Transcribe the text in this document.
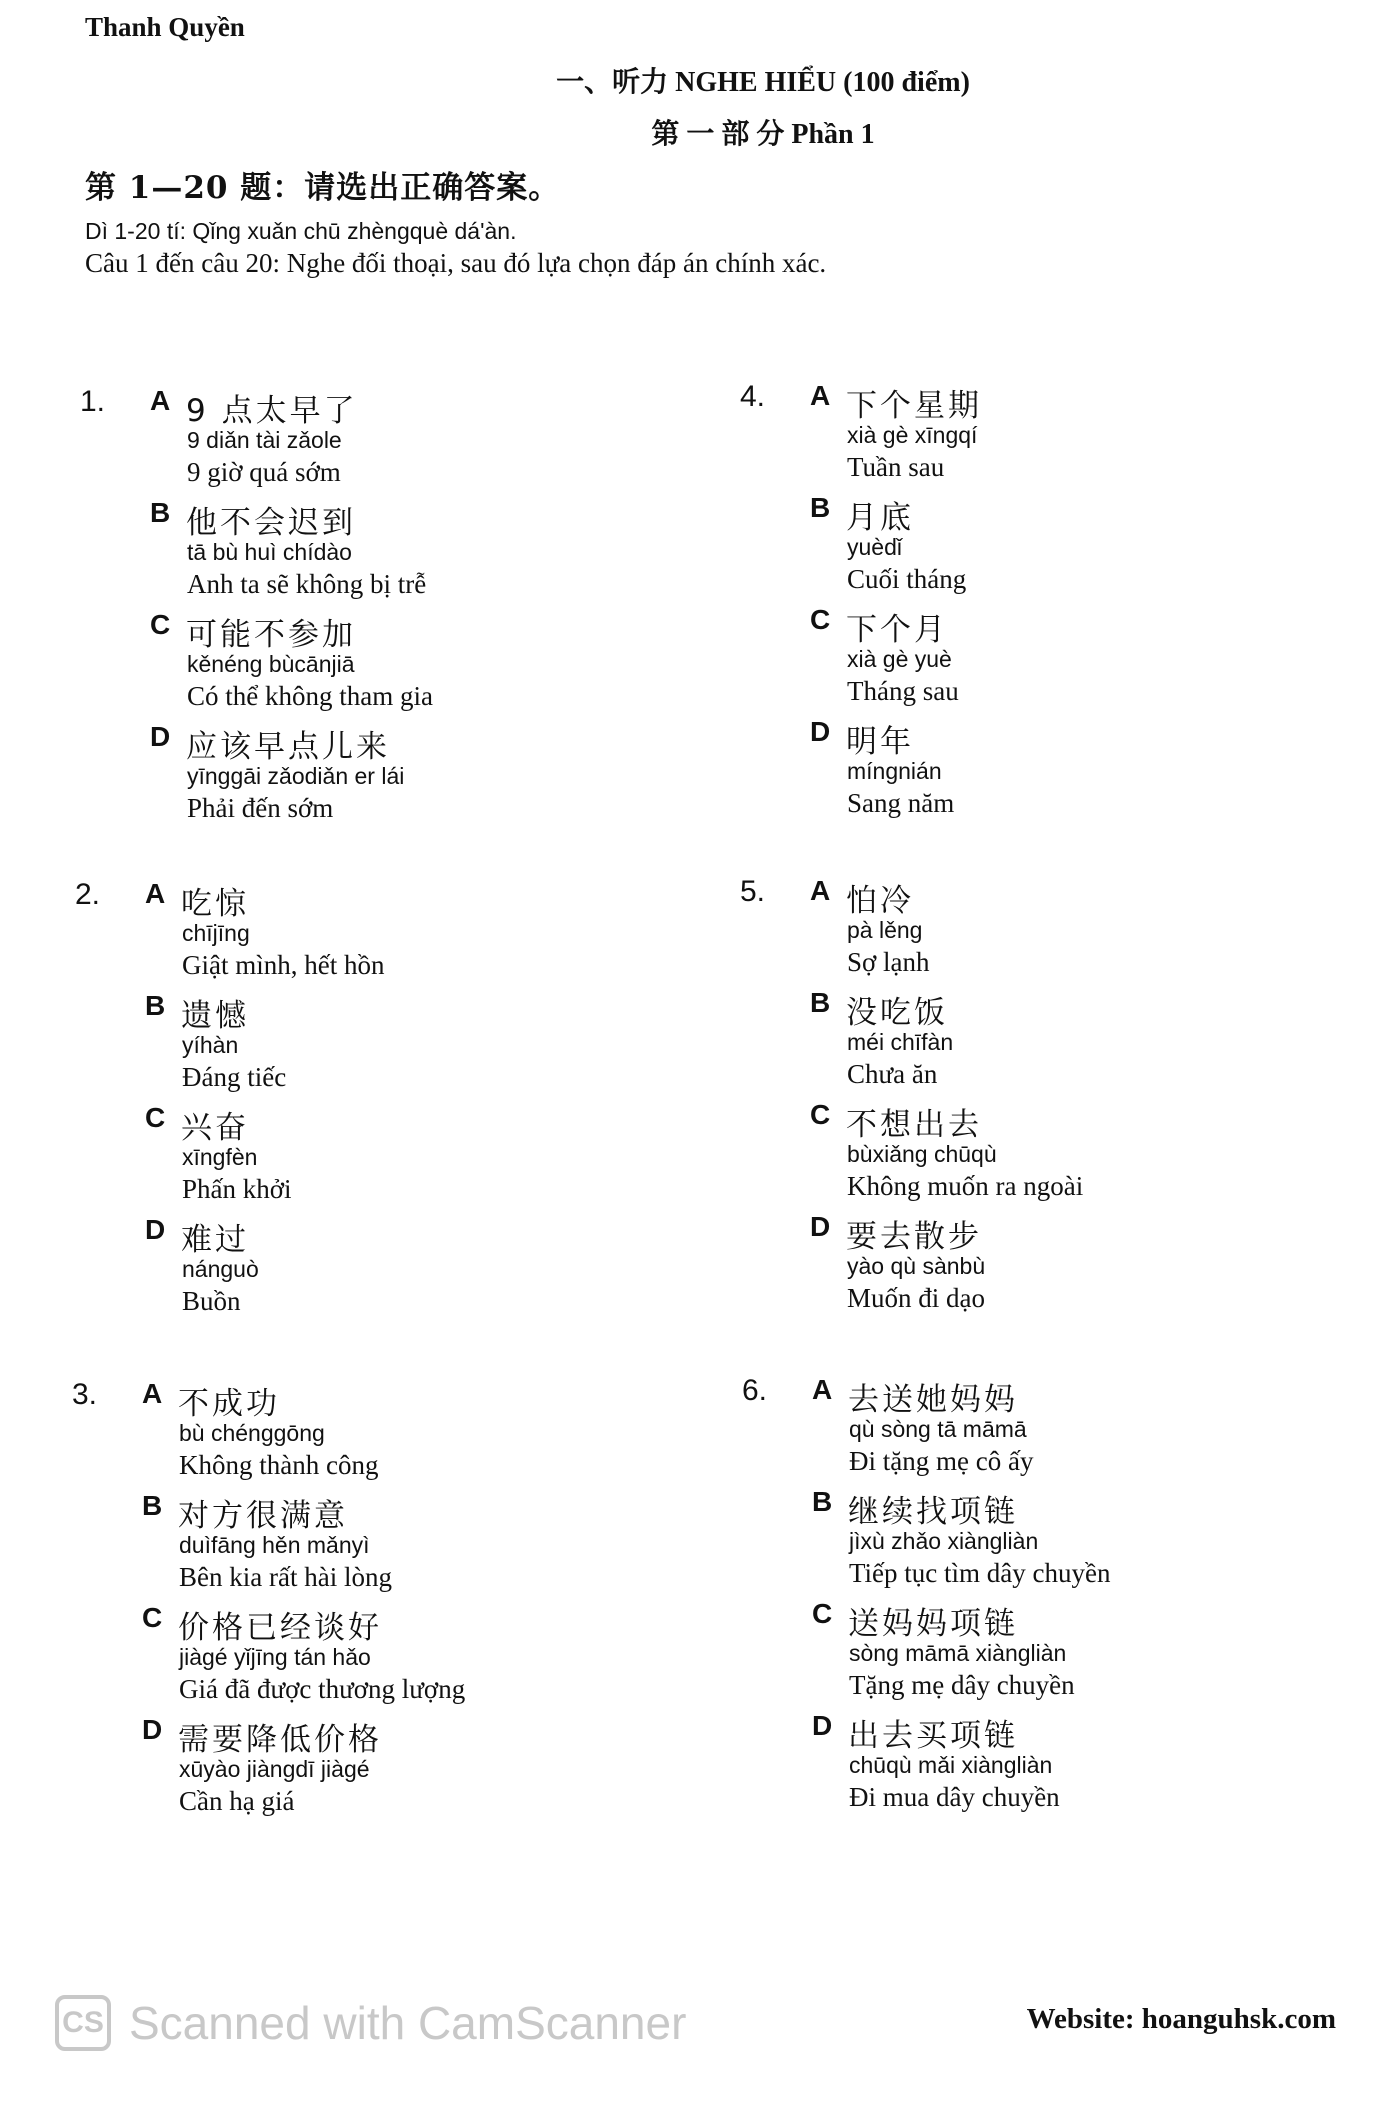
Thanh Quyền
一、听力 NGHE HIỂU (100 điểm)
第 一 部 分 Phần 1
第 1—20 题：请选出正确答案。
Dì 1-20 tí: Qǐng xuǎn chū zhèngquè dá'àn.
Câu 1 đến câu 20: Nghe đối thoại, sau đó lựa chọn đáp án chính xác.
1. A 9 点太早了
9 diǎn tài zǎole
9 giờ quá sớm
B 他不会迟到
tā bù huì chídào
Anh ta sẽ không bị trễ
C 可能不参加
kěnéng bùcānjiā
Có thể không tham gia
D 应该早点儿来
yīnggāi zǎodiǎn er lái
Phải đến sớm
2. A 吃惊
chījīng
Giật mình, hết hồn
B 遗憾
yíhàn
Đáng tiếc
C 兴奋
xīngfèn
Phấn khởi
D 难过
nánguò
Buồn
3. A 不成功
bù chénggōng
Không thành công
B 对方很满意
duìfāng hěn mǎnyì
Bên kia rất hài lòng
C 价格已经谈好
jiàgé yǐjīng tán hǎo
Giá đã được thương lượng
D 需要降低价格
xūyào jiàngdī jiàgé
Cần hạ giá
4. A 下个星期
xià gè xīngqí
Tuần sau
B 月底
yuèdǐ
Cuối tháng
C 下个月
xià gè yuè
Tháng sau
D 明年
míngnián
Sang năm
5. A 怕冷
pà lěng
Sợ lạnh
B 没吃饭
méi chīfàn
Chưa ăn
C 不想出去
bùxiǎng chūqù
Không muốn ra ngoài
D 要去散步
yào qù sànbù
Muốn đi dạo
6. A 去送她妈妈
qù sòng tā māmā
Đi tặng mẹ cô ấy
B 继续找项链
jìxù zhǎo xiàngliàn
Tiếp tục tìm dây chuyền
C 送妈妈项链
sòng māmā xiàngliàn
Tặng mẹ dây chuyền
D 出去买项链
chūqù mǎi xiàngliàn
Đi mua dây chuyền
CS Scanned with CamScanner	Website: hoanguhsk.com
